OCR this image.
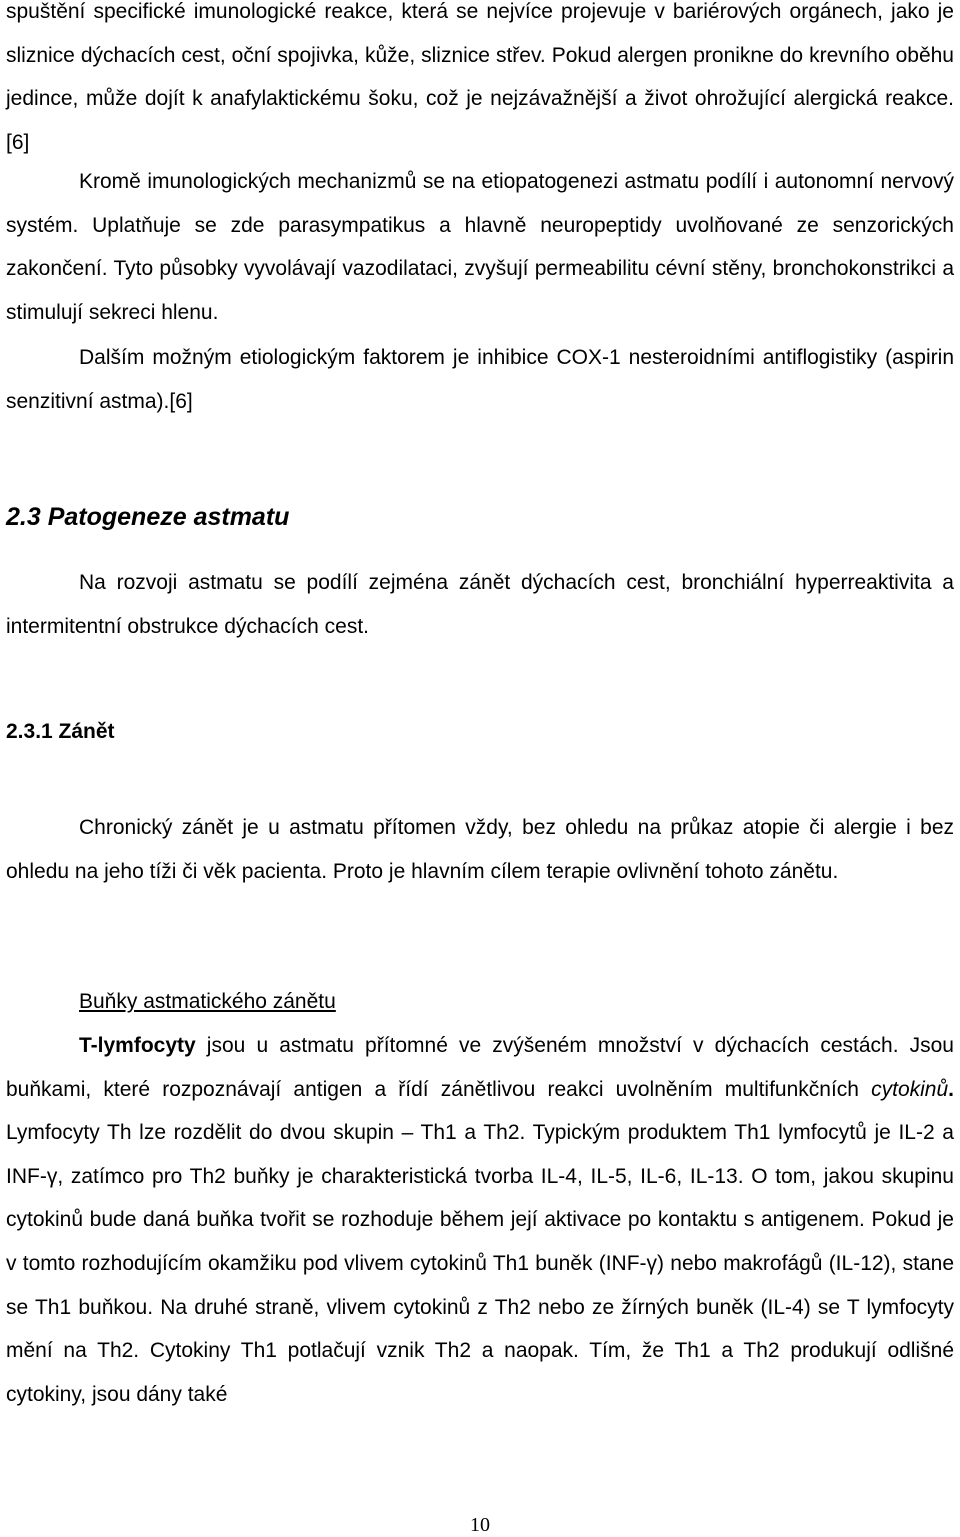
spuštění specifické imunologické reakce, která se nejvíce projevuje v bariérových orgánech, jako je sliznice dýchacích cest, oční spojivka, kůže, sliznice střev. Pokud alergen pronikne do krevního oběhu jedince, může dojít k anafylaktickému šoku, což je nejzávažnější a život ohrožující alergická reakce. [6]

Kromě imunologických mechanizmů se na etiopatogenezi astmatu podílí i autonomní nervový systém. Uplatňuje se zde parasympatikus a hlavně neuropeptidy uvolňované ze senzorických zakončení. Tyto působky vyvolávají vazodilataci, zvyšují permeabilitu cévní stěny, bronchokonstrikci a stimulují sekreci hlenu.

Dalším možným etiologickým faktorem je inhibice COX-1 nesteroidními antiflogistiky (aspirin senzitivní astma).[6]

2.3 Patogeneze astmatu

Na rozvoji astmatu se podílí zejména zánět dýchacích cest, bronchiální hyperreaktivita a intermitentní obstrukce dýchacích cest.

2.3.1 Zánět

Chronický zánět je u astmatu přítomen vždy, bez ohledu na průkaz atopie či alergie i bez ohledu na jeho tíži či věk pacienta. Proto je hlavním cílem terapie ovlivnění tohoto zánětu.

Buňky astmatického zánětu

T-lymfocyty jsou u astmatu přítomné ve zvýšeném množství v dýchacích cestách. Jsou buňkami, které rozpoznávají antigen a řídí zánětlivou reakci uvolněním multifunkčních cytokinů. Lymfocyty Th lze rozdělit do dvou skupin – Th1 a Th2. Typickým produktem Th1 lymfocytů je IL-2 a INF-γ, zatímco pro Th2 buňky je charakteristická tvorba IL-4, IL-5, IL-6, IL-13. O tom, jakou skupinu cytokinů bude daná buňka tvořit se rozhoduje během její aktivace po kontaktu s antigenem. Pokud je v tomto rozhodujícím okamžiku pod vlivem cytokinů Th1 buněk (INF-γ) nebo makrofágů (IL-12), stane se Th1 buňkou. Na druhé straně, vlivem cytokinů z Th2 nebo ze žírných buněk (IL-4) se T lymfocyty mění na Th2. Cytokiny Th1 potlačují vznik Th2 a naopak. Tím, že Th1 a Th2 produkují odlišné cytokiny, jsou dány také

10
